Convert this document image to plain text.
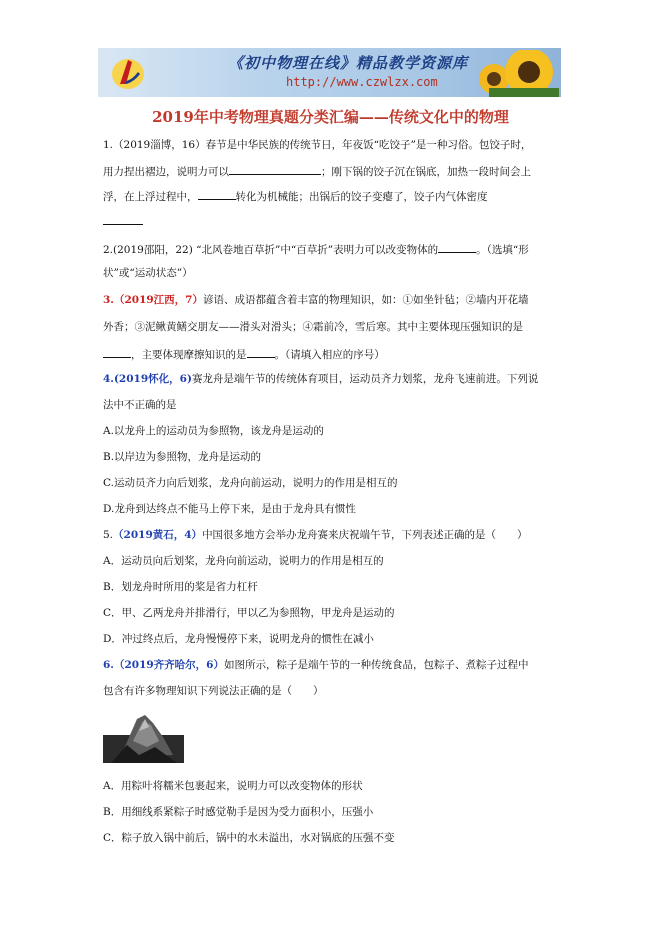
《初中物理在线》精品教学资源库
http://www.czwlzx.com
2019年中考物理真题分类汇编——传统文化中的物理
1.（2019淄博，16）春节是中华民族的传统节日，年夜饭“吃饺子”是一种习俗。包饺子时，
用力捏出褶边，说明力可以	；刚下锅的饺子沉在锅底，加热一段时间会上
浮，在上浮过程中，	转化为机械能；出锅后的饺子变瘪了，饺子内气体密度
2.(2019邵阳，22) “北风卷地百草折”中“百草折”表明力可以改变物体的	。（选填“形
状”或“运动状态”）
3.（2019江西，7）谚语、成语都蕴含着丰富的物理知识，如：①如坐针毡；②墙内开花墙
外香；③泥鳅黄鳝交朋友——滑头对滑头；④霜前冷，雪后寒。其中主要体现压强知识的是
，主要体现摩擦知识的是	。（请填入相应的序号）
4.(2019怀化，6)赛龙舟是端午节的传统体育项目，运动员齐力划浆，龙舟飞速前进。下列说
法中不正确的是
A.以龙舟上的运动员为参照物，该龙舟是运动的
B.以岸边为参照物，龙舟是运动的
C.运动员齐力向后划浆，龙舟向前运动，说明力的作用是相互的
D.龙舟到达终点不能马上停下来，是由于龙舟具有惯性
5.（2019黄石，4）中国很多地方会举办龙舟赛来庆祝端午节，下列表述正确的是（　　）
A．运动员向后划桨，龙舟向前运动，说明力的作用是相互的
B．划龙舟时所用的桨是省力杠杆
C．甲、乙两龙舟并排滑行，甲以乙为参照物，甲龙舟是运动的
D．冲过终点后，龙舟慢慢停下来，说明龙舟的惯性在减小
6.（2019齐齐哈尔，6）如图所示，粽子是端午节的一种传统食品，包粽子、煮粽子过程中
包含有许多物理知识下列说法正确的是（　　）
A．用粽叶将糯米包裹起来，说明力可以改变物体的形状
B．用细线系紧粽子时感觉勒手是因为受力面积小，压强小
C．粽子放入锅中前后，锅中的水未溢出，水对锅底的压强不变
